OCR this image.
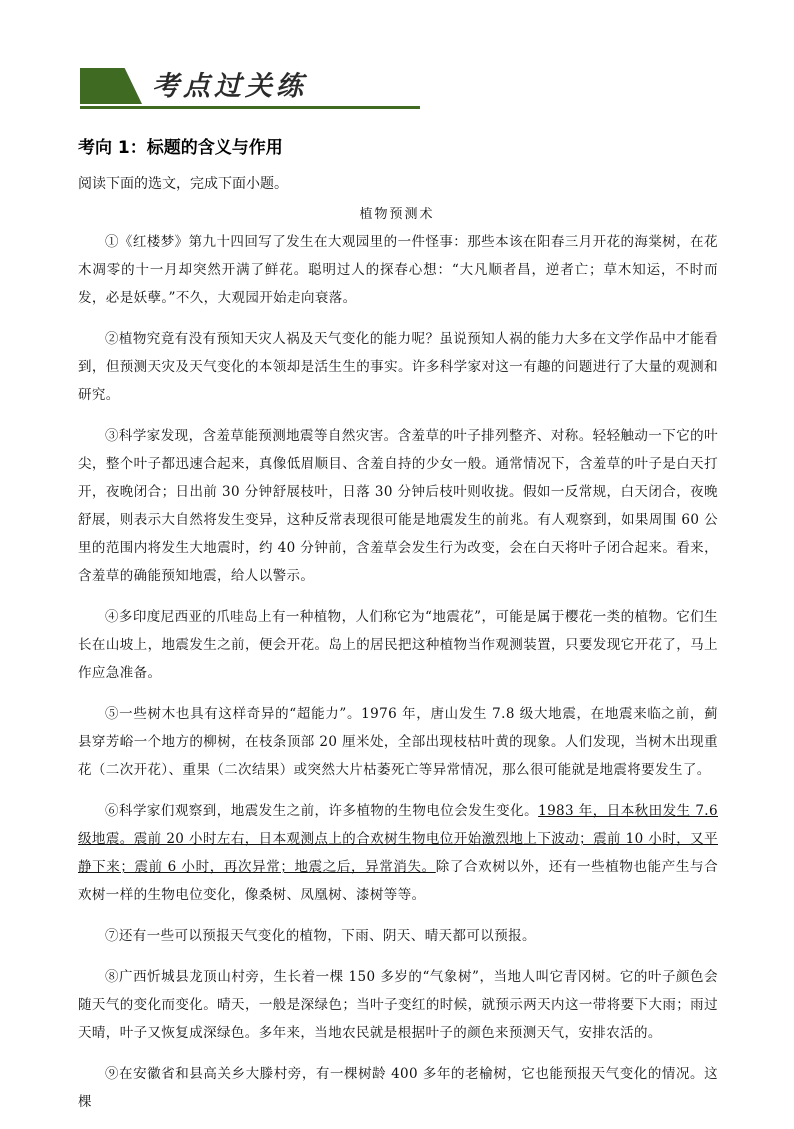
考点过关练
考向 1：标题的含义与作用

阅读下面的选文，完成下面小题。

植物预测术

①《红楼梦》第九十四回写了发生在大观园里的一件怪事：那些本该在阳春三月开花的海棠树，在花木凋零的十一月却突然开满了鲜花。聪明过人的探春心想：“大凡顺者昌，逆者亡；草木知运，不时而发，必是妖孽。”不久，大观园开始走向衰落。

②植物究竟有没有预知天灾人祸及天气变化的能力呢？虽说预知人祸的能力大多在文学作品中才能看到，但预测天灾及天气变化的本领却是活生生的事实。许多科学家对这一有趣的问题进行了大量的观测和研究。

③科学家发现，含羞草能预测地震等自然灾害。含羞草的叶子排列整齐、对称。轻轻触动一下它的叶尖，整个叶子都迅速合起来，真像低眉顺目、含羞自持的少女一般。通常情况下，含羞草的叶子是白天打开，夜晚闭合；日出前 30 分钟舒展枝叶，日落 30 分钟后枝叶则收拢。假如一反常规，白天闭合，夜晚舒展，则表示大自然将发生变异，这种反常表现很可能是地震发生的前兆。有人观察到，如果周围 60 公里的范围内将发生大地震时，约 40 分钟前，含羞草会发生行为改变，会在白天将叶子闭合起来。看来，含羞草的确能预知地震，给人以警示。

④多印度尼西亚的爪哇岛上有一种植物，人们称它为“地震花”，可能是属于樱花一类的植物。它们生长在山坡上，地震发生之前，便会开花。岛上的居民把这种植物当作观测装置，只要发现它开花了，马上作应急准备。

⑤一些树木也具有这样奇异的“超能力”。1976 年，唐山发生 7.8 级大地震，在地震来临之前，蓟县穿芳峪一个地方的柳树，在枝条顶部 20 厘米处，全部出现枝枯叶黄的现象。人们发现，当树木出现重花（二次开花）、重果（二次结果）或突然大片枯萎死亡等异常情况，那么很可能就是地震将要发生了。

⑥科学家们观察到，地震发生之前，许多植物的生物电位会发生变化。1983 年，日本秋田发生 7.6 级地震。震前 20 小时左右，日本观测点上的合欢树生物电位开始激烈地上下波动；震前 10 小时，又平静下来；震前 6 小时，再次异常；地震之后，异常消失。除了合欢树以外，还有一些植物也能产生与合欢树一样的生物电位变化，像桑树、凤凰树、漆树等等。

⑦还有一些可以预报天气变化的植物，下雨、阴天、晴天都可以预报。

⑧广西忻城县龙顶山村旁，生长着一棵 150 多岁的“气象树”，当地人叫它青冈树。它的叶子颜色会随天气的变化而变化。晴天，一般是深绿色；当叶子变红的时候，就预示两天内这一带将要下大雨；雨过天晴，叶子又恢复成深绿色。多年来，当地农民就是根据叶子的颜色来预测天气，安排农活的。

⑨在安徽省和县高关乡大滕村旁，有一棵树龄 400 多年的老榆树，它也能预报天气变化的情况。这棵
